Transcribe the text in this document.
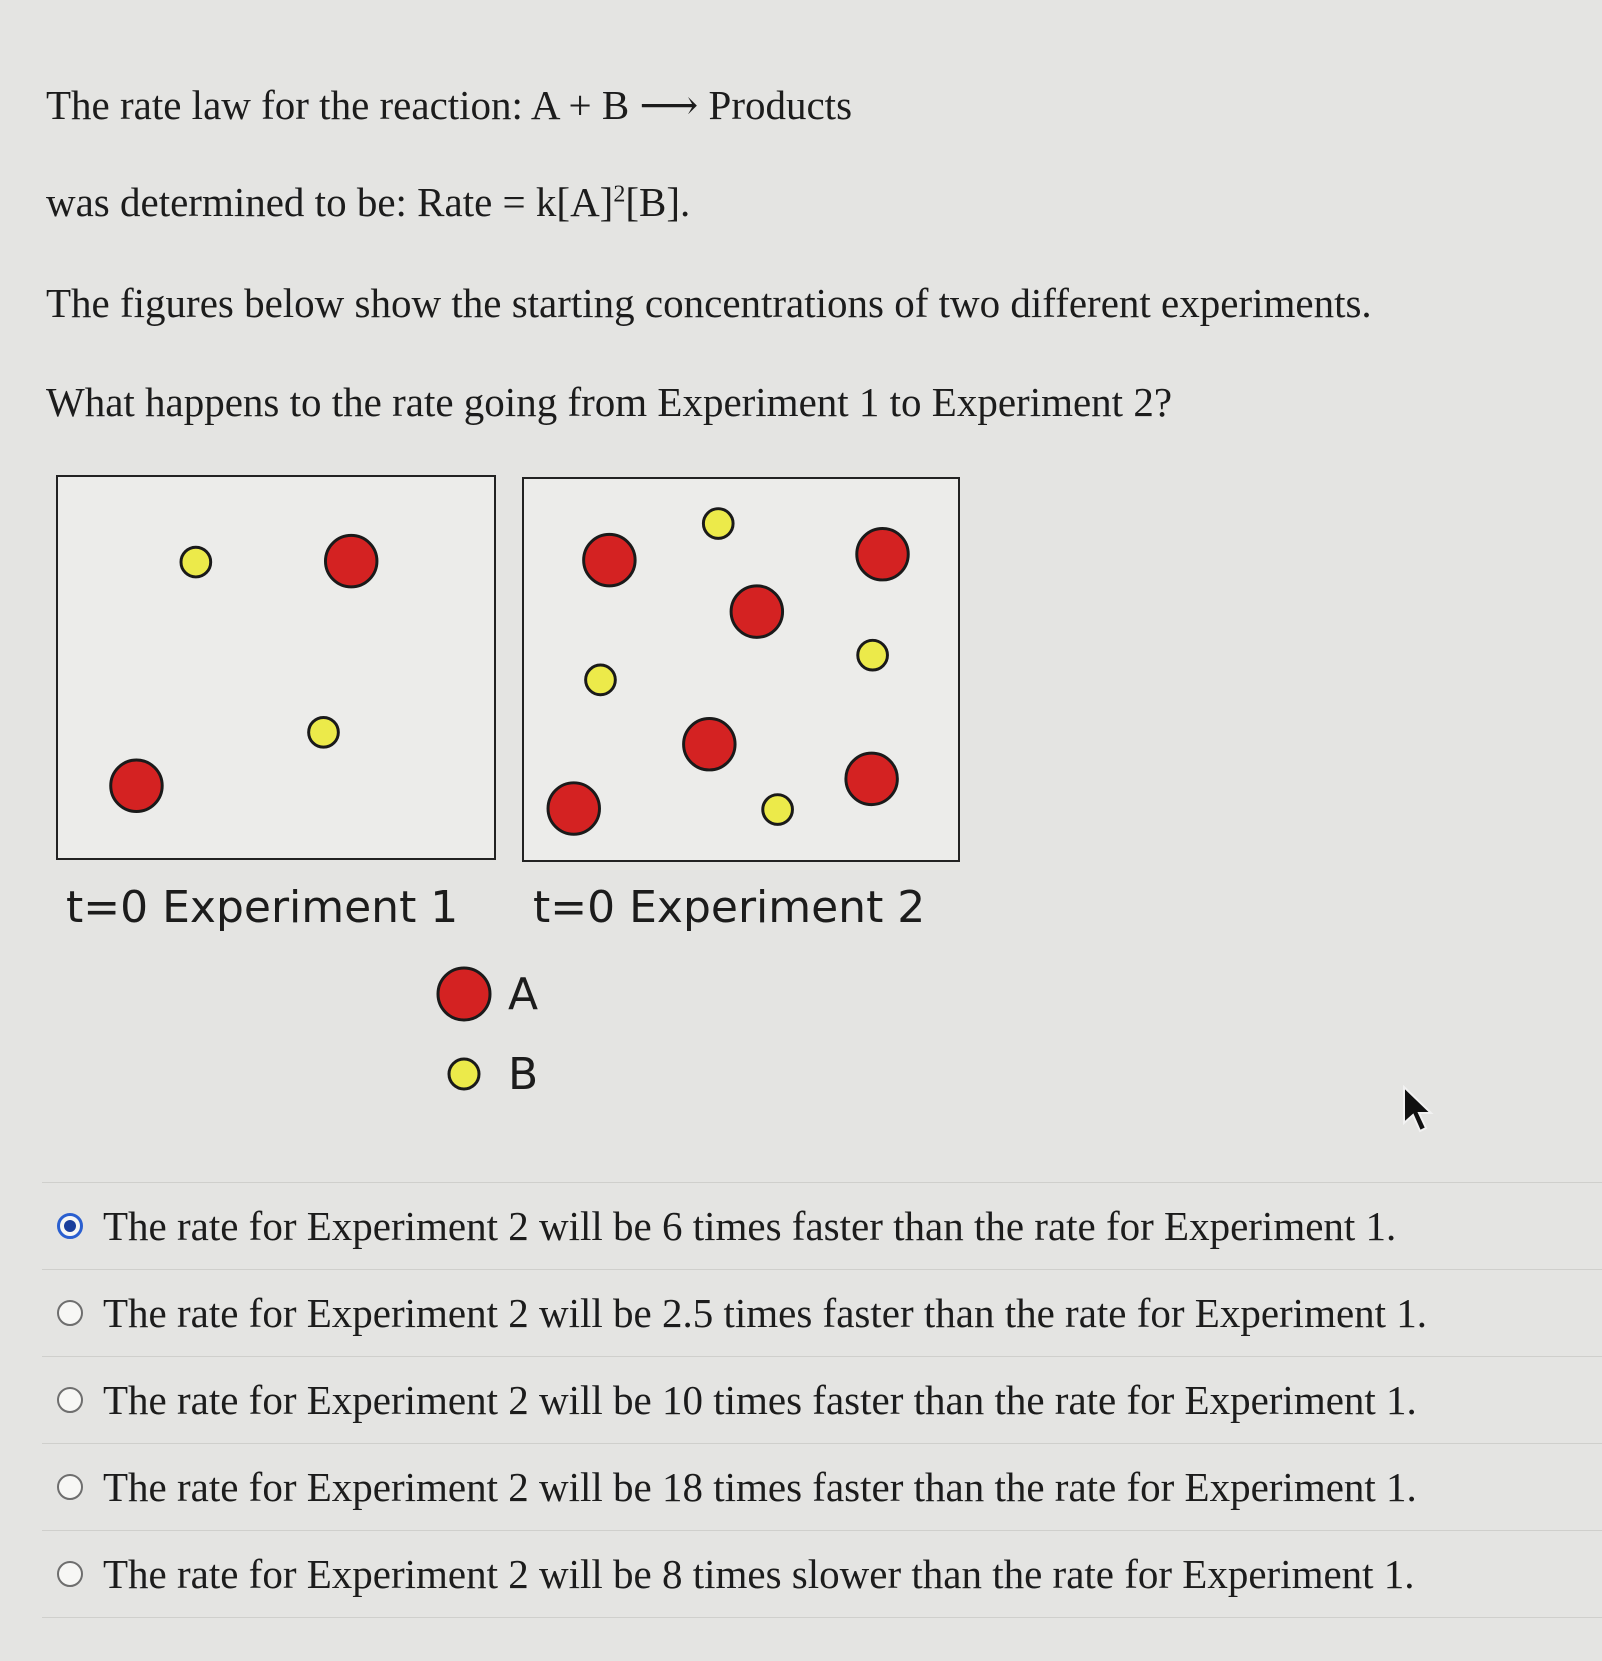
The rate law for the reaction: A + B ⟶ Products
was determined to be: Rate = $k[A]^2[B]$.
The figures below show the starting concentrations of two different experiments.
What happens to the rate going from Experiment 1 to Experiment 2?
t=0 Experiment 1 t=0 Experiment 2
A
B
The rate for Experiment 2 will be 6 times faster than the rate for Experiment 1.
The rate for Experiment 2 will be 2.5 times faster than the rate for Experiment 1.
The rate for Experiment 2 will be 10 times faster than the rate for Experiment 1.
The rate for Experiment 2 will be 18 times faster than the rate for Experiment 1.
The rate for Experiment 2 will be 8 times slower than the rate for Experiment 1.
